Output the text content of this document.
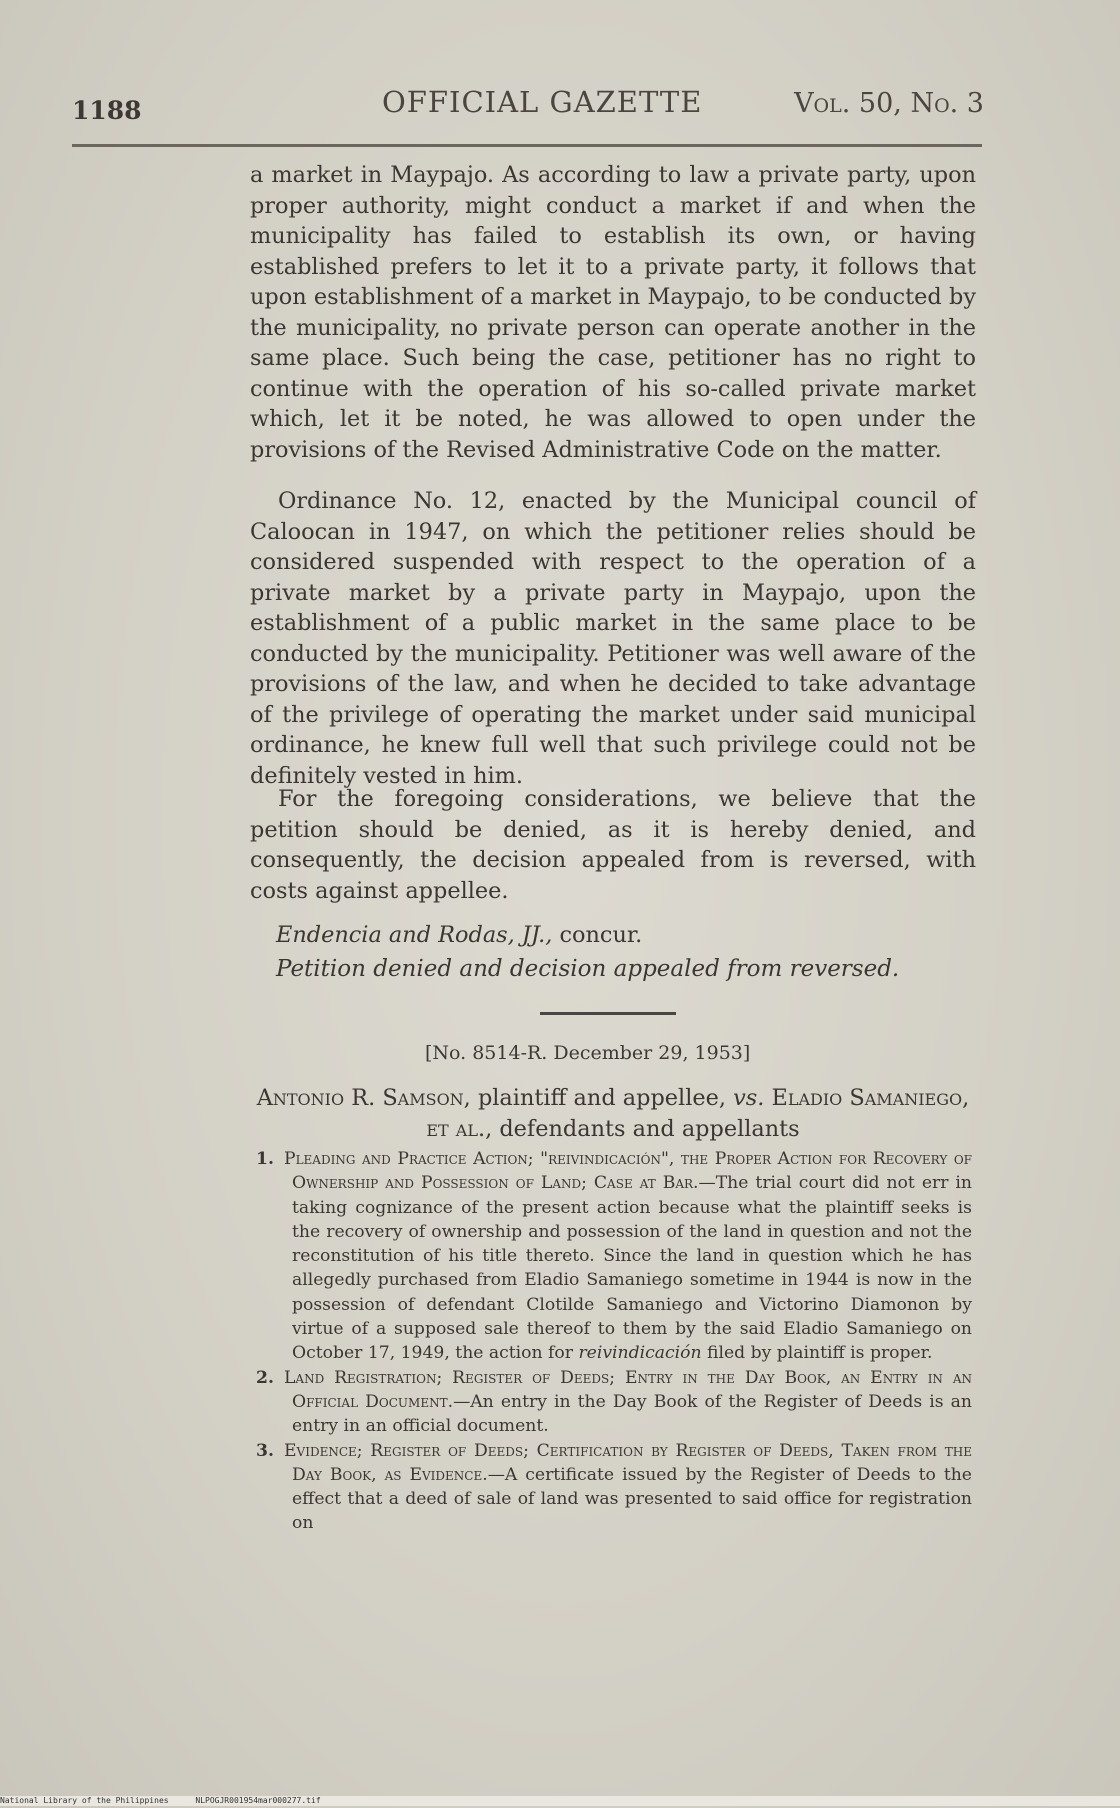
1188	OFFICIAL GAZETTE	Vol. 50, No. 3

a market in Maypajo. As according to law a private party, upon proper authority, might conduct a market if and when the municipality has failed to establish its own, or having established prefers to let it to a private party, it follows that upon establishment of a market in Maypajo, to be conducted by the municipality, no private person can operate another in the same place. Such being the case, petitioner has no right to continue with the operation of his so-called private market which, let it be noted, he was allowed to open under the provisions of the Revised Administrative Code on the matter.

Ordinance No. 12, enacted by the Municipal council of Caloocan in 1947, on which the petitioner relies should be considered suspended with respect to the operation of a private market by a private party in Maypajo, upon the establishment of a public market in the same place to be conducted by the municipality. Petitioner was well aware of the provisions of the law, and when he decided to take advantage of the privilege of operating the market under said municipal ordinance, he knew full well that such privilege could not be definitely vested in him.

For the foregoing considerations, we believe that the petition should be denied, as it is hereby denied, and consequently, the decision appealed from is reversed, with costs against appellee.

Endencia and Rodas, JJ., concur.
Petition denied and decision appealed from reversed.
[No. 8514-R. December 29, 1953]
Antonio R. Samson, plaintiff and appellee, vs. Eladio Samaniego, et al., defendants and appellants

1. Pleading and Practice Action; "reivindicación", the Proper Action for Recovery of Ownership and Possession of Land; Case at Bar.—The trial court did not err in taking cognizance of the present action because what the plaintiff seeks is the recovery of ownership and possession of the land in question and not the reconstitution of his title thereto. Since the land in question which he has allegedly purchased from Eladio Samaniego sometime in 1944 is now in the possession of defendant Clotilde Samaniego and Victorino Diamonon by virtue of a supposed sale thereof to them by the said Eladio Samaniego on October 17, 1949, the action for reivindicación filed by plaintiff is proper.

2. Land Registration; Register of Deeds; Entry in the Day Book, an Entry in an Official Document.—An entry in the Day Book of the Register of Deeds is an entry in an official document.

3. Evidence; Register of Deeds; Certification by Register of Deeds, Taken from the Day Book, as Evidence.—A certificate issued by the Register of Deeds to the effect that a deed of sale of land was presented to said office for registration on

National Library of the Philippines	NLPOGJR001954mar000277.tif
